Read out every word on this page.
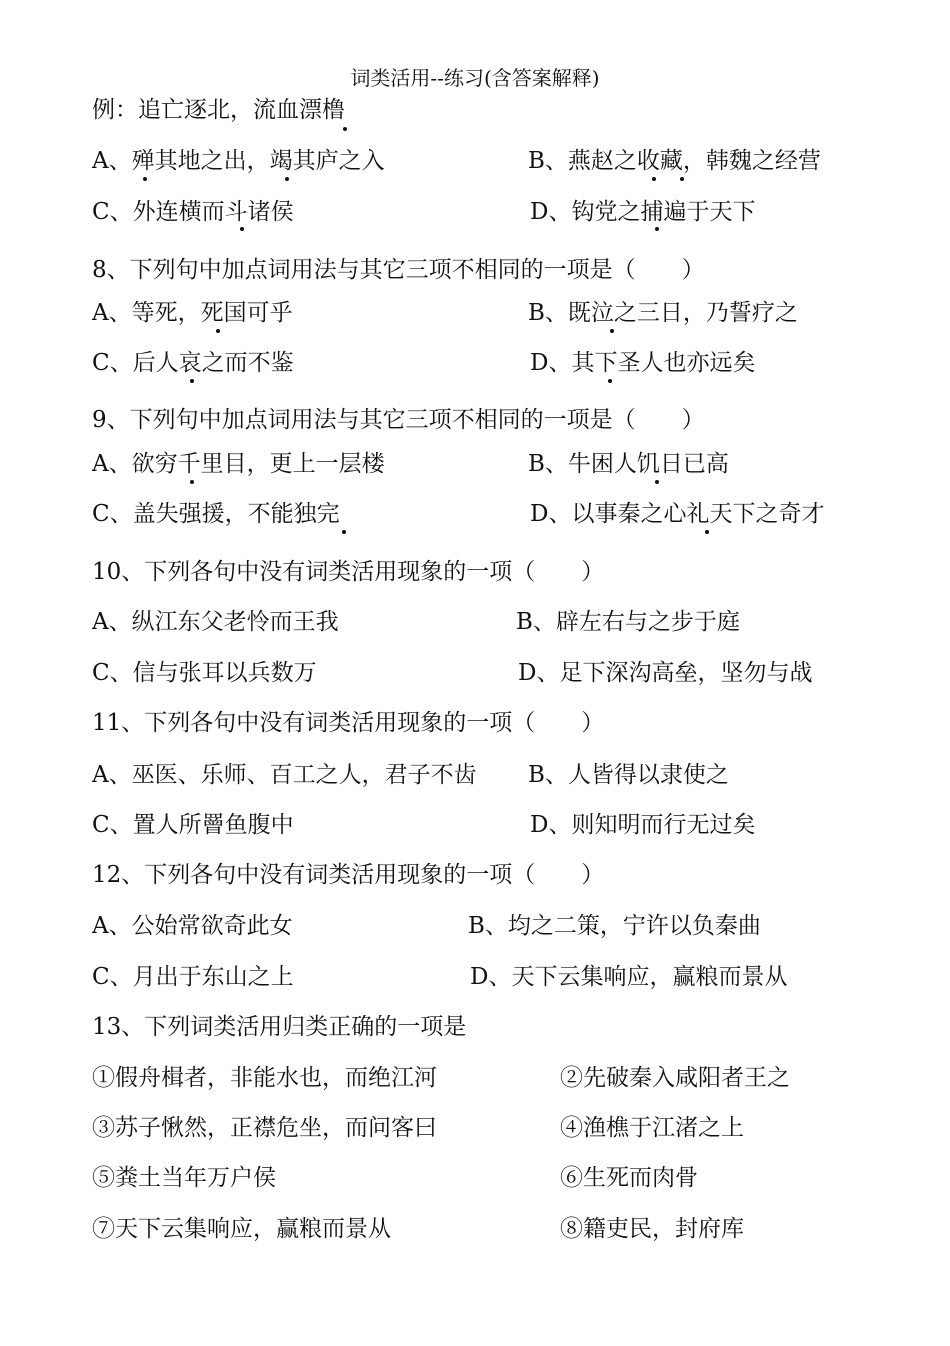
词类活用--练习(含答案解释)
例：追亡逐北，流血漂橹
A、殚其地之出，竭其庐之入	B、燕赵之收藏，韩魏之经营
C、外连横而斗诸侯	D、钩党之捕遍于天下
8、下列句中加点词用法与其它三项不相同的一项是（　　）
A、等死，死国可乎	B、既泣之三日，乃誓疗之
C、后人哀之而不鉴	D、其下圣人也亦远矣
9、下列句中加点词用法与其它三项不相同的一项是（　　）
A、欲穷千里目，更上一层楼	B、牛困人饥日已高
C、盖失强援，不能独完	D、以事秦之心礼天下之奇才
10、下列各句中没有词类活用现象的一项（　　）
A、纵江东父老怜而王我	B、辟左右与之步于庭
C、信与张耳以兵数万	D、足下深沟高垒，坚勿与战
11、下列各句中没有词类活用现象的一项（　　）
A、巫医、乐师、百工之人，君子不齿 B、人皆得以隶使之
C、置人所罾鱼腹中	D、则知明而行无过矣
12、下列各句中没有词类活用现象的一项（　　）
A、公始常欲奇此女	B、均之二策，宁许以负秦曲
C、月出于东山之上	D、天下云集响应，赢粮而景从
13、下列词类活用归类正确的一项是
①假舟楫者，非能水也，而绝江河	②先破秦入咸阳者王之
③苏子愀然，正襟危坐，而问客曰	④渔樵于江渚之上
⑤粪土当年万户侯	⑥生死而肉骨
⑦天下云集响应，赢粮而景从	⑧籍吏民，封府库
